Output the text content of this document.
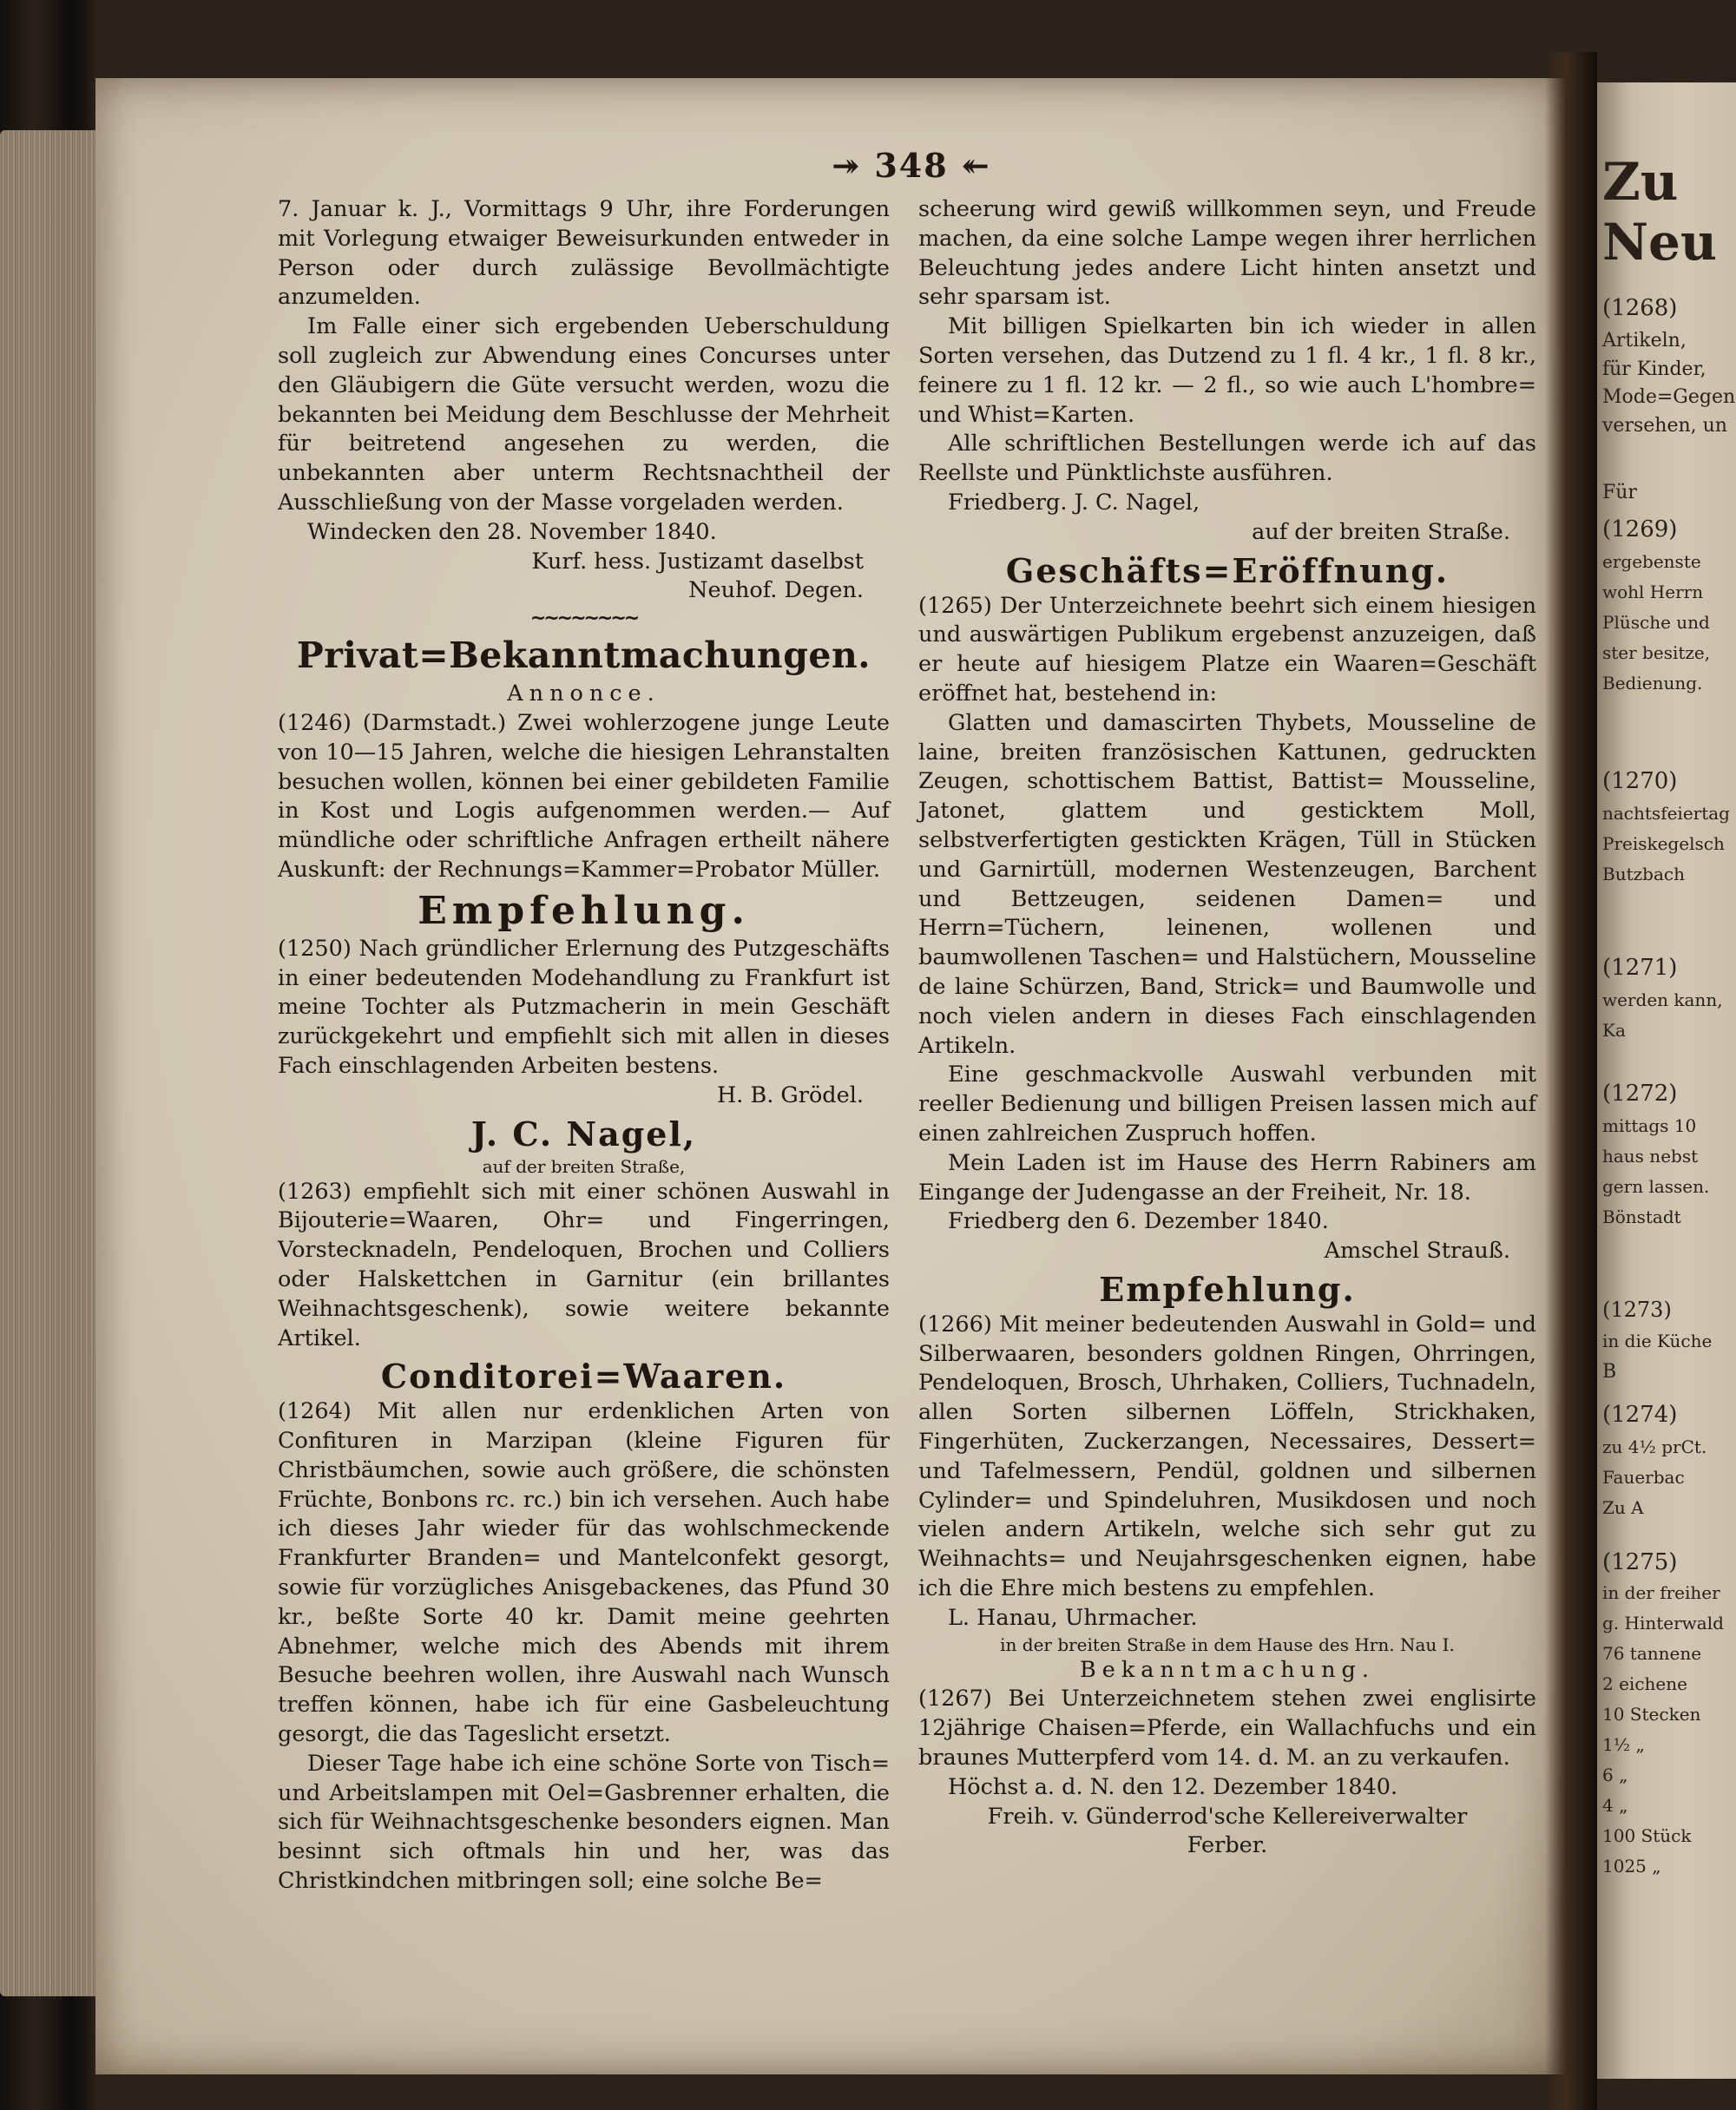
Zu
Neu
(1268)
Artikeln,
für Kinder,
Mode=Gegen
versehen, un
Für
(1269)
ergebenste
wohl Herrn
Plüsche und
ster besitze,
Bedienung.
(1270)
nachtsfeiertag
Preiskegelsch
Butzbach
(1271)
werden kann,
Ka
(1272)
mittags 10
haus nebst
gern lassen.
Bönstadt
(1273)
in die Küche
B
(1274)
zu 4½ prCt.
Fauerbac
Zu A
(1275)
in der freiher
g. Hinterwald
76 tannene
2 eichene
10 Stecken
1½ „
6 „
4 „
100 Stück
1025 „
↠ 348 ↞

7. Januar k. J., Vormittags 9 Uhr, ihre Forderungen mit Vorlegung etwaiger Beweisurkunden entweder in Person oder durch zulässige Bevollmächtigte anzumelden.

Im Falle einer sich ergebenden Ueberschuldung soll zugleich zur Abwendung eines Concurses unter den Gläubigern die Güte versucht werden, wozu die bekannten bei Meidung dem Beschlusse der Mehrheit für beitretend angesehen zu werden, die unbekannten aber unterm Rechtsnachtheil der Ausschließung von der Masse vorgeladen werden.

Windecken den 28. November 1840.

Kurf. hess. Justizamt daselbst

Neuhof. Degen.

~~~~~~~~

Privat=Bekanntmachungen.

Annonce.

(1246) (Darmstadt.) Zwei wohlerzogene junge Leute von 10—15 Jahren, welche die hiesigen Lehranstalten besuchen wollen, können bei einer gebildeten Familie in Kost und Logis aufgenommen werden.— Auf mündliche oder schriftliche Anfragen ertheilt nähere Auskunft: der Rechnungs=Kammer=Probator Müller.

Empfehlung.

(1250) Nach gründlicher Erlernung des Putzgeschäfts in einer bedeutenden Modehandlung zu Frankfurt ist meine Tochter als Putzmacherin in mein Geschäft zurückgekehrt und empfiehlt sich mit allen in dieses Fach einschlagenden Arbeiten bestens.

H. B. Grödel.

J. C. Nagel,

auf der breiten Straße,

(1263) empfiehlt sich mit einer schönen Auswahl in Bijouterie=Waaren, Ohr= und Fingerringen, Vorstecknadeln, Pendeloquen, Brochen und Colliers oder Halskettchen in Garnitur (ein brillantes Weihnachtsgeschenk), sowie weitere bekannte Artikel.

Conditorei=Waaren.

(1264) Mit allen nur erdenklichen Arten von Confituren in Marzipan (kleine Figuren für Christbäumchen, sowie auch größere, die schönsten Früchte, Bonbons rc. rc.) bin ich versehen. Auch habe ich dieses Jahr wieder für das wohlschmeckende Frankfurter Branden= und Mantelconfekt gesorgt, sowie für vorzügliches Anisgebackenes, das Pfund 30 kr., beßte Sorte 40 kr. Damit meine geehrten Abnehmer, welche mich des Abends mit ihrem Besuche beehren wollen, ihre Auswahl nach Wunsch treffen können, habe ich für eine Gasbeleuchtung gesorgt, die das Tageslicht ersetzt.

Dieser Tage habe ich eine schöne Sorte von Tisch= und Arbeitslampen mit Oel=Gasbrenner erhalten, die sich für Weihnachtsgeschenke besonders eignen. Man besinnt sich oftmals hin und her, was das Christkindchen mitbringen soll; eine solche Be=

scheerung wird gewiß willkommen seyn, und Freude machen, da eine solche Lampe wegen ihrer herrlichen Beleuchtung jedes andere Licht hinten ansetzt und sehr sparsam ist.

Mit billigen Spielkarten bin ich wieder in allen Sorten versehen, das Dutzend zu 1 fl. 4 kr., 1 fl. 8 kr., feinere zu 1 fl. 12 kr. — 2 fl., so wie auch L'hombre= und Whist=Karten.

Alle schriftlichen Bestellungen werde ich auf das Reellste und Pünktlichste ausführen.

Friedberg. J. C. Nagel,

auf der breiten Straße.

Geschäfts=Eröffnung.

(1265) Der Unterzeichnete beehrt sich einem hiesigen und auswärtigen Publikum ergebenst anzuzeigen, daß er heute auf hiesigem Platze ein Waaren=Geschäft eröffnet hat, bestehend in:

Glatten und damascirten Thybets, Mousseline de laine, breiten französischen Kattunen, gedruckten Zeugen, schottischem Battist, Battist= Mousseline, Jatonet, glattem und gesticktem Moll, selbstverfertigten gestickten Krägen, Tüll in Stücken und Garnirtüll, modernen Westenzeugen, Barchent und Bettzeugen, seidenen Damen= und Herrn=Tüchern, leinenen, wollenen und baumwollenen Taschen= und Halstüchern, Mousseline de laine Schürzen, Band, Strick= und Baumwolle und noch vielen andern in dieses Fach einschlagenden Artikeln.

Eine geschmackvolle Auswahl verbunden mit reeller Bedienung und billigen Preisen lassen mich auf einen zahlreichen Zuspruch hoffen.

Mein Laden ist im Hause des Herrn Rabiners am Eingange der Judengasse an der Freiheit, Nr. 18.

Friedberg den 6. Dezember 1840.

Amschel Strauß.

Empfehlung.

(1266) Mit meiner bedeutenden Auswahl in Gold= und Silberwaaren, besonders goldnen Ringen, Ohrringen, Pendeloquen, Brosch, Uhrhaken, Colliers, Tuchnadeln, allen Sorten silbernen Löffeln, Strickhaken, Fingerhüten, Zuckerzangen, Necessaires, Dessert= und Tafelmessern, Pendül, goldnen und silbernen Cylinder= und Spindeluhren, Musikdosen und noch vielen andern Artikeln, welche sich sehr gut zu Weihnachts= und Neujahrsgeschenken eignen, habe ich die Ehre mich bestens zu empfehlen.

L. Hanau, Uhrmacher.

in der breiten Straße in dem Hause des Hrn. Nau I.

Bekanntmachung.

(1267) Bei Unterzeichnetem stehen zwei englisirte 12jährige Chaisen=Pferde, ein Wallachfuchs und ein braunes Mutterpferd vom 14. d. M. an zu verkaufen.

Höchst a. d. N. den 12. Dezember 1840.

Freih. v. Günderrod'sche Kellereiverwalter

Ferber.
